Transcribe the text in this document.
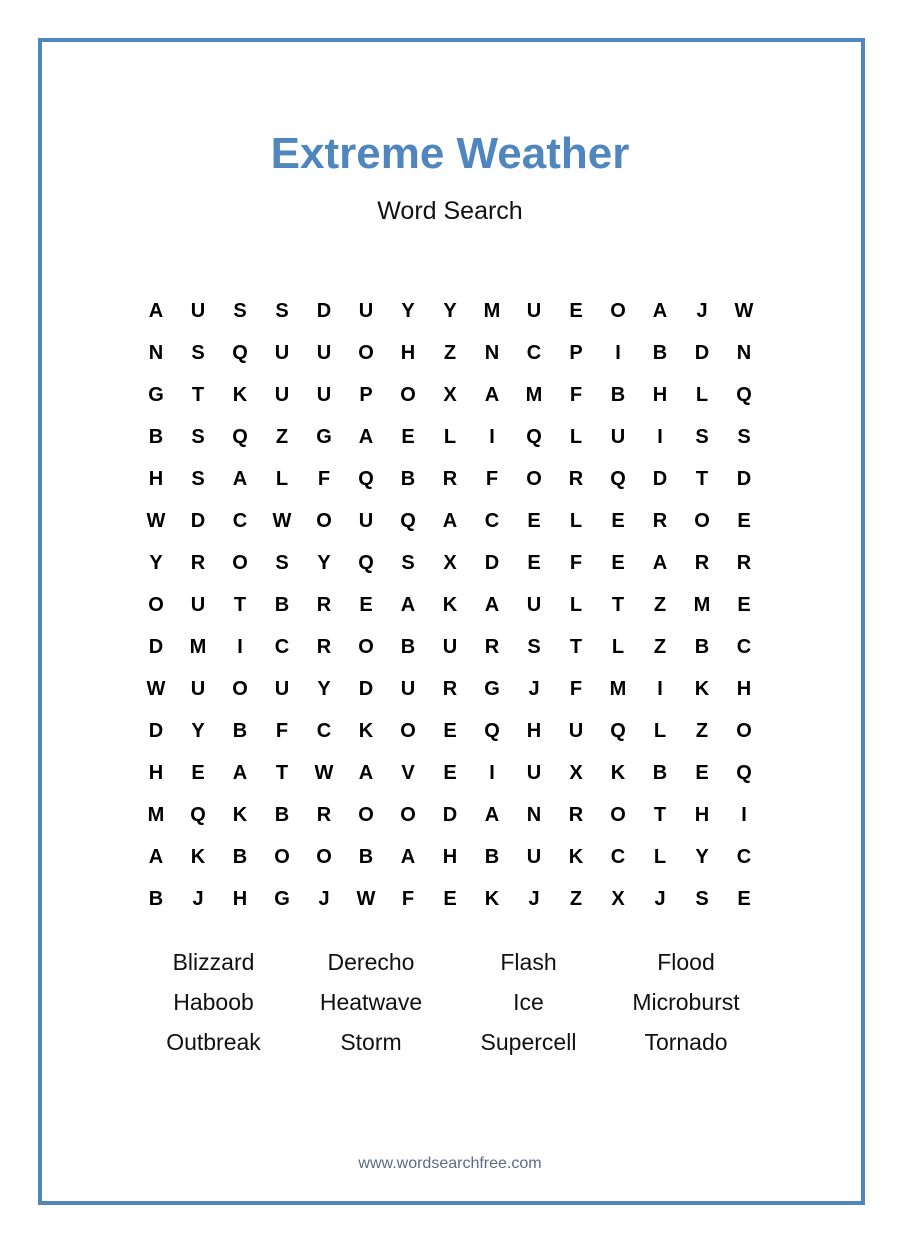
Extreme Weather
Word Search
A	U	S	S	D	U	Y	Y	M	U	E	O	A	J	W
N	S	Q	U	U	O	H	Z	N	C	P	I	B	D	N
G	T	K	U	U	P	O	X	A	M	F	B	H	L	Q
B	S	Q	Z	G	A	E	L	I	Q	L	U	I	S	S
H	S	A	L	F	Q	B	R	F	O	R	Q	D	T	D
W	D	C	W	O	U	Q	A	C	E	L	E	R	O	E
Y	R	O	S	Y	Q	S	X	D	E	F	E	A	R	R
O	U	T	B	R	E	A	K	A	U	L	T	Z	M	E
D	M	I	C	R	O	B	U	R	S	T	L	Z	B	C
W	U	O	U	Y	D	U	R	G	J	F	M	I	K	H
D	Y	B	F	C	K	O	E	Q	H	U	Q	L	Z	O
H	E	A	T	W	A	V	E	I	U	X	K	B	E	Q
M	Q	K	B	R	O	O	D	A	N	R	O	T	H	I
A	K	B	O	O	B	A	H	B	U	K	C	L	Y	C
B	J	H	G	J	W	F	E	K	J	Z	X	J	S	E
Blizzard	Derecho	Flash	Flood
Haboob	Heatwave	Ice	Microburst
Outbreak	Storm	Supercell	Tornado
www.wordsearchfree.com
